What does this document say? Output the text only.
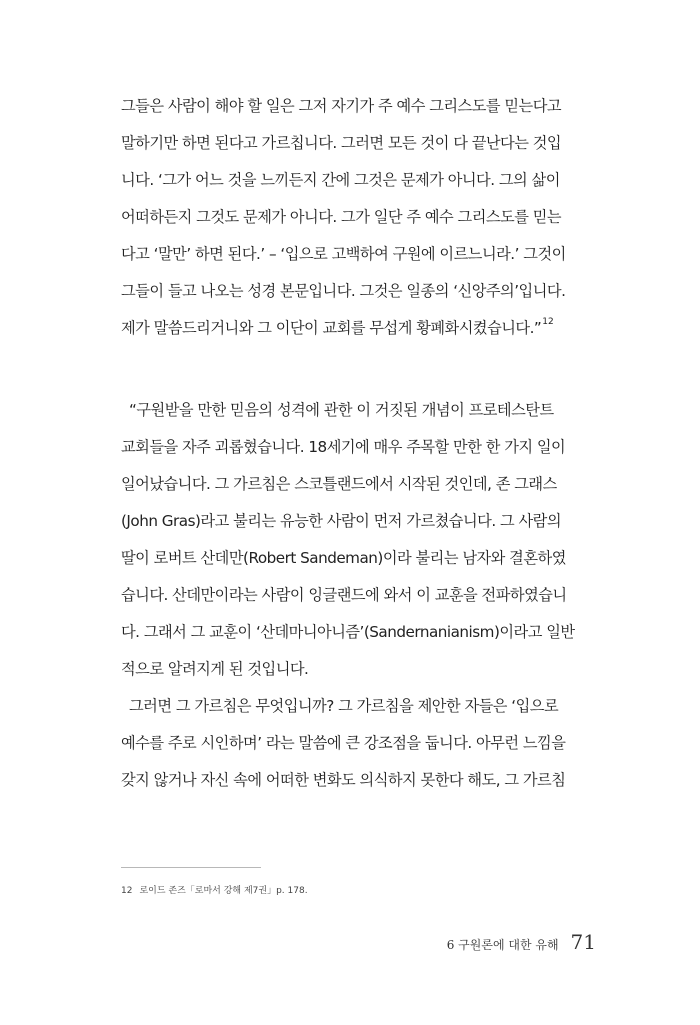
그들은 사람이 해야 할 일은 그저 자기가 주 예수 그리스도를 믿는다고
말하기만 하면 된다고 가르칩니다. 그러면 모든 것이 다 끝난다는 것입
니다. ‘그가 어느 것을 느끼든지 간에 그것은 문제가 아니다. 그의 삶이
어떠하든지 그것도 문제가 아니다. 그가 일단 주 예수 그리스도를 믿는
다고 ‘말만’ 하면 된다.’ – ‘입으로 고백하여 구원에 이르느니라.’ 그것이
그들이 들고 나오는 성경 본문입니다. 그것은 일종의 ‘신앙주의’입니다.
제가 말씀드리거니와 그 이단이 교회를 무섭게 황폐화시켰습니다.”$^{12}$
“구원받을 만한 믿음의 성격에 관한 이 거짓된 개념이 프로테스탄트
교회들을 자주 괴롭혔습니다. 18세기에 매우 주목할 만한 한 가지 일이
일어났습니다. 그 가르침은 스코틀랜드에서 시작된 것인데, 존 그래스
(John Gras)라고 불리는 유능한 사람이 먼저 가르쳤습니다. 그 사람의
딸이 로버트 산데만(Robert Sandeman)이라 불리는 남자와 결혼하였
습니다. 산데만이라는 사람이 잉글랜드에 와서 이 교훈을 전파하였습니
다. 그래서 그 교훈이 ‘산데마니아니즘’(Sandernanianism)이라고 일반
적으로 알려지게 된 것입니다.
그러면 그 가르침은 무엇입니까? 그 가르침을 제안한 자들은 ‘입으로
예수를 주로 시인하며’ 라는 말씀에 큰 강조점을 둡니다. 아무런 느낌을
갖지 않거나 자신 속에 어떠한 변화도 의식하지 못한다 해도, 그 가르침
12 로이드 존즈「로마서 강해 제7권」p. 178.
6 구원론에 대한 유해 71
